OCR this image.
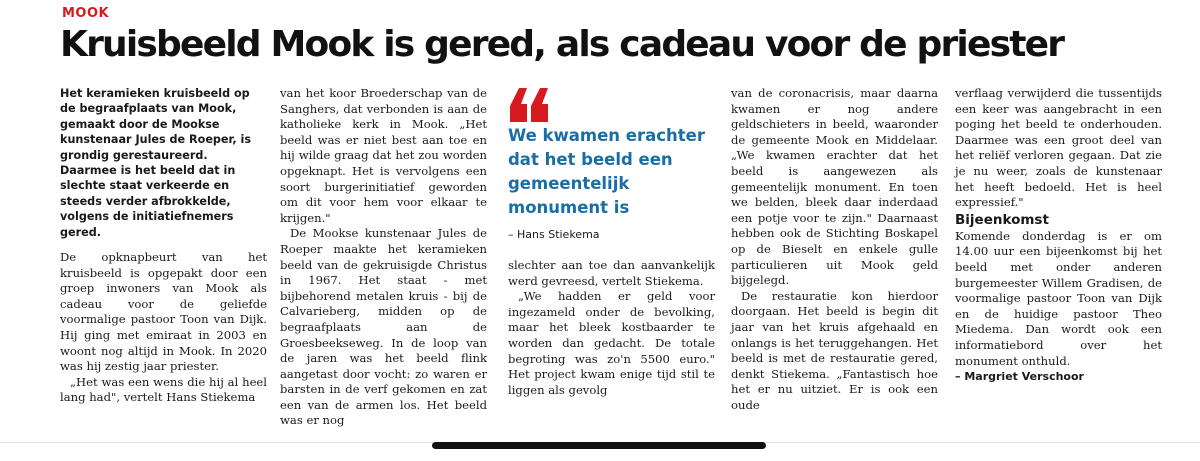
MOOK
Kruisbeeld Mook is gered, als cadeau voor de priester

Het keramieken kruisbeeld op de begraafplaats van Mook, gemaakt door de Mookse kunstenaar Jules de Roeper, is grondig gerestaureerd. Daarmee is het beeld dat in slechte staat verkeerde en steeds verder afbrokkelde, volgens de initiatiefnemers gered.

De opknapbeurt van het kruisbeeld is opgepakt door een groep inwoners van Mook als cadeau voor de geliefde voormalige pastoor Toon van Dijk. Hij ging met emiraat in 2003 en woont nog altijd in Mook. In 2020 was hij zestig jaar priester.

„Het was een wens die hij al heel lang had", vertelt Hans Stiekema

van het koor Broederschap van de Sanghers, dat verbonden is aan de katholieke kerk in Mook. „Het beeld was er niet best aan toe en hij wilde graag dat het zou worden opgeknapt. Het is vervolgens een soort burgerinitiatief geworden om dit voor hem voor elkaar te krijgen."

De Mookse kunstenaar Jules de Roeper maakte het keramieken beeld van de gekruisigde Christus in 1967. Het staat - met bijbehorend metalen kruis - bij de Calvarieberg, midden op de begraafplaats aan de Groesbeekseweg. In de loop van de jaren was het beeld flink aangetast door vocht: zo waren er barsten in de verf gekomen en zat een van de armen los. Het beeld was er nog

We kwamen erachter dat het beeld een gemeentelijk monument is
– Hans Stiekema

slechter aan toe dan aanvankelijk werd gevreesd, vertelt Stiekema.

„We hadden er geld voor ingezameld onder de bevolking, maar het bleek kostbaarder te worden dan gedacht. De totale begroting was zo'n 5500 euro." Het project kwam enige tijd stil te liggen als gevolg

van de coronacrisis, maar daarna kwamen er nog andere geldschieters in beeld, waaronder de gemeente Mook en Middelaar. „We kwamen erachter dat het beeld is aangewezen als gemeentelijk monument. En toen we belden, bleek daar inderdaad een potje voor te zijn." Daarnaast hebben ook de Stichting Boskapel op de Bieselt en enkele gulle particulieren uit Mook geld bijgelegd.

De restauratie kon hierdoor doorgaan. Het beeld is begin dit jaar van het kruis afgehaald en onlangs is het teruggehangen. Het beeld is met de restauratie gered, denkt Stiekema. „Fantastisch hoe het er nu uitziet. Er is ook een oude

verflaag verwijderd die tussentijds een keer was aangebracht in een poging het beeld te onderhouden. Daarmee was een groot deel van het reliëf verloren gegaan. Dat zie je nu weer, zoals de kunstenaar het heeft bedoeld. Het is heel expressief."

Bijeenkomst

Komende donderdag is er om 14.00 uur een bijeenkomst bij het beeld met onder anderen burgemeester Willem Gradisen, de voormalige pastoor Toon van Dijk en de huidige pastoor Theo Miedema. Dan wordt ook een informatiebord over het monument onthuld.

– Margriet Verschoor
